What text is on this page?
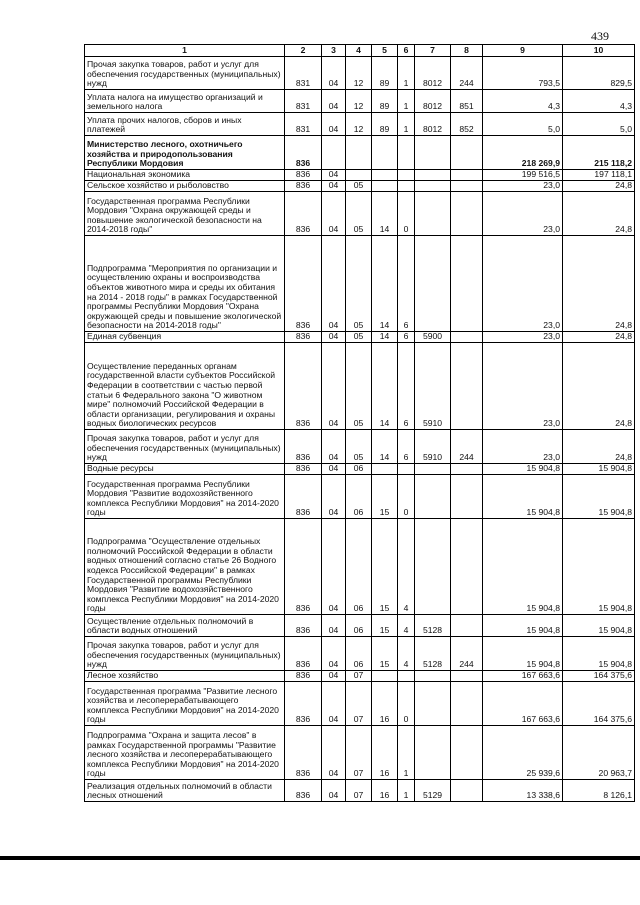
439
1	2	3	4	5	6	7	8	9	10
Прочая закупка товаров, работ и услуг для обеспечения государственных (муниципальных) нужд	831	04	12	89	1	8012	244	793,5	829,5
Уплата налога на имущество организаций и земельного налога	831	04	12	89	1	8012	851	4,3	4,3
Уплата прочих налогов, сборов и иных платежей	831	04	12	89	1	8012	852	5,0	5,0
Министерство лесного, охотничьего хозяйства и природопользования Республики Мордовия	836							218 269,9	215 118,2
Национальная экономика	836	04						199 516,5	197 118,1
Сельское хозяйство и рыболовство	836	04	05					23,0	24,8
Государственная программа Республики Мордовия "Охрана окружающей среды и повышение экологической безопасности на 2014-2018 годы"	836	04	05	14	0			23,0	24,8
Подпрограмма "Мероприятия по организации и осуществлению охраны и воспроизводства объектов животного мира и среды их обитания на 2014 - 2018 годы" в рамках Государственной программы Республики Мордовия "Охрана окружающей среды и повышение экологической безопасности на 2014-2018 годы"	836	04	05	14	6			23,0	24,8
Единая субвенция	836	04	05	14	6	5900		23,0	24,8
Осуществление переданных органам государственной власти субъектов Российской Федерации в соответствии с частью первой статьи 6 Федерального закона "О животном мире" полномочий Российской Федерации в области организации, регулирования и охраны водных биологических ресурсов	836	04	05	14	6	5910		23,0	24,8
Прочая закупка товаров, работ и услуг для обеспечения государственных (муниципальных) нужд	836	04	05	14	6	5910	244	23,0	24,8
Водные ресурсы	836	04	06					15 904,8	15 904,8
Государственная программа Республики Мордовия "Развитие водохозяйственного комплекса Республики Мордовия" на 2014-2020 годы	836	04	06	15	0			15 904,8	15 904,8
Подпрограмма "Осуществление отдельных полномочий Российской Федерации в области водных отношений согласно статье 26 Водного кодекса Российской Федерации" в рамках Государственной программы Республики Мордовия "Развитие водохозяйственного комплекса Республики Мордовия" на 2014-2020 годы	836	04	06	15	4			15 904,8	15 904,8
Осуществление отдельных полномочий в области водных отношений	836	04	06	15	4	5128		15 904,8	15 904,8
Прочая закупка товаров, работ и услуг для обеспечения государственных (муниципальных) нужд	836	04	06	15	4	5128	244	15 904,8	15 904,8
Лесное хозяйство	836	04	07					167 663,6	164 375,6
Государственная программа "Развитие лесного хозяйства и лесоперерабатывающего комплекса Республики Мордовия" на 2014-2020 годы	836	04	07	16	0			167 663,6	164 375,6
Подпрограмма "Охрана и защита лесов" в рамках Государственной программы "Развитие лесного хозяйства и лесоперерабатывающего комплекса Республики Мордовия" на 2014-2020 годы	836	04	07	16	1			25 939,6	20 963,7
Реализация отдельных полномочий в области лесных отношений	836	04	07	16	1	5129		13 338,6	8 126,1
